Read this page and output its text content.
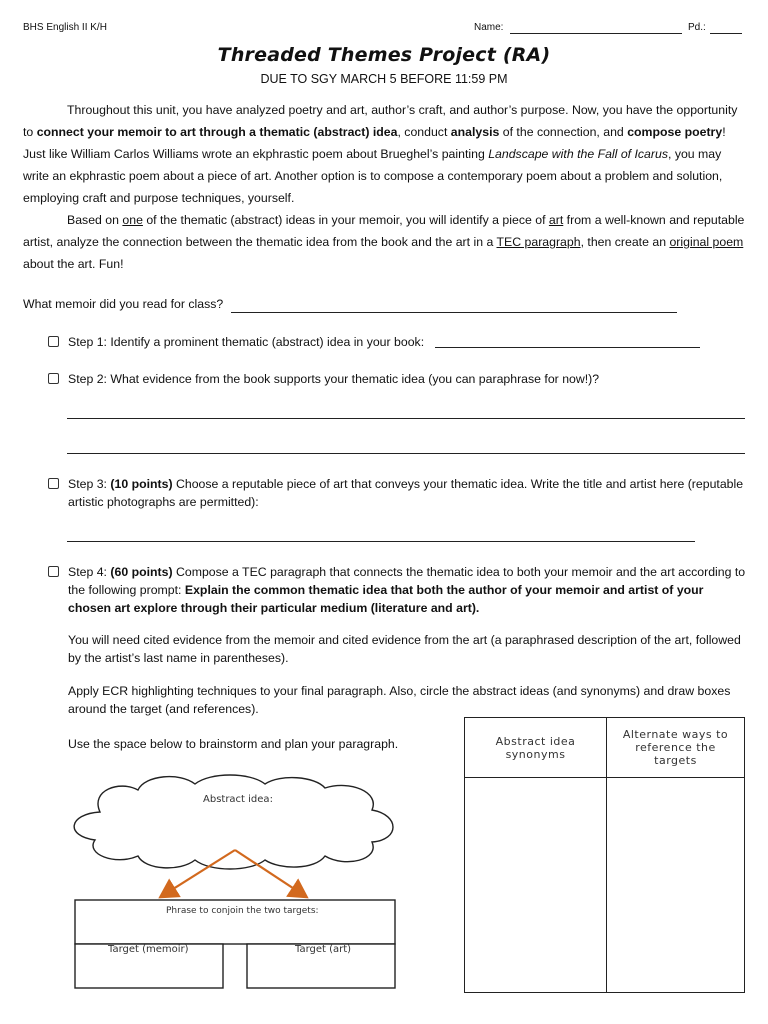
BHS English II K/H	Name:	Pd.:
Threaded Themes Project (RA)
DUE TO SGY MARCH 5 BEFORE 11:59 PM
Throughout this unit, you have analyzed poetry and art, author’s craft, and author’s purpose. Now, you have the opportunity to connect your memoir to art through a thematic (abstract) idea, conduct analysis of the connection, and compose poetry! Just like William Carlos Williams wrote an ekphrastic poem about Brueghel’s painting Landscape with the Fall of Icarus, you may write an ekphrastic poem about a piece of art. Another option is to compose a contemporary poem about a problem and solution, employing craft and purpose techniques, yourself.
Based on one of the thematic (abstract) ideas in your memoir, you will identify a piece of art from a well-known and reputable artist, analyze the connection between the thematic idea from the book and the art in a TEC paragraph, then create an original poem about the art. Fun!
What memoir did you read for class?
Step 1: Identify a prominent thematic (abstract) idea in your book:
Step 2: What evidence from the book supports your thematic idea (you can paraphrase for now!)?
Step 3: (10 points) Choose a reputable piece of art that conveys your thematic idea. Write the title and artist here (reputable artistic photographs are permitted):
Step 4: (60 points) Compose a TEC paragraph that connects the thematic idea to both your memoir and the art according to the following prompt: Explain the common thematic idea that both the author of your memoir and artist of your chosen art explore through their particular medium (literature and art).
You will need cited evidence from the memoir and cited evidence from the art (a paraphrased description of the art, followed by the artist’s last name in parentheses).
Apply ECR highlighting techniques to your final paragraph. Also, circle the abstract ideas (and synonyms) and draw boxes around the target (and references).
Use the space below to brainstorm and plan your paragraph.
Abstract idea:
Phrase to conjoin the two targets:
Target (memoir)	Target (art)
Abstract idea synonyms	Alternate ways to reference the targets
